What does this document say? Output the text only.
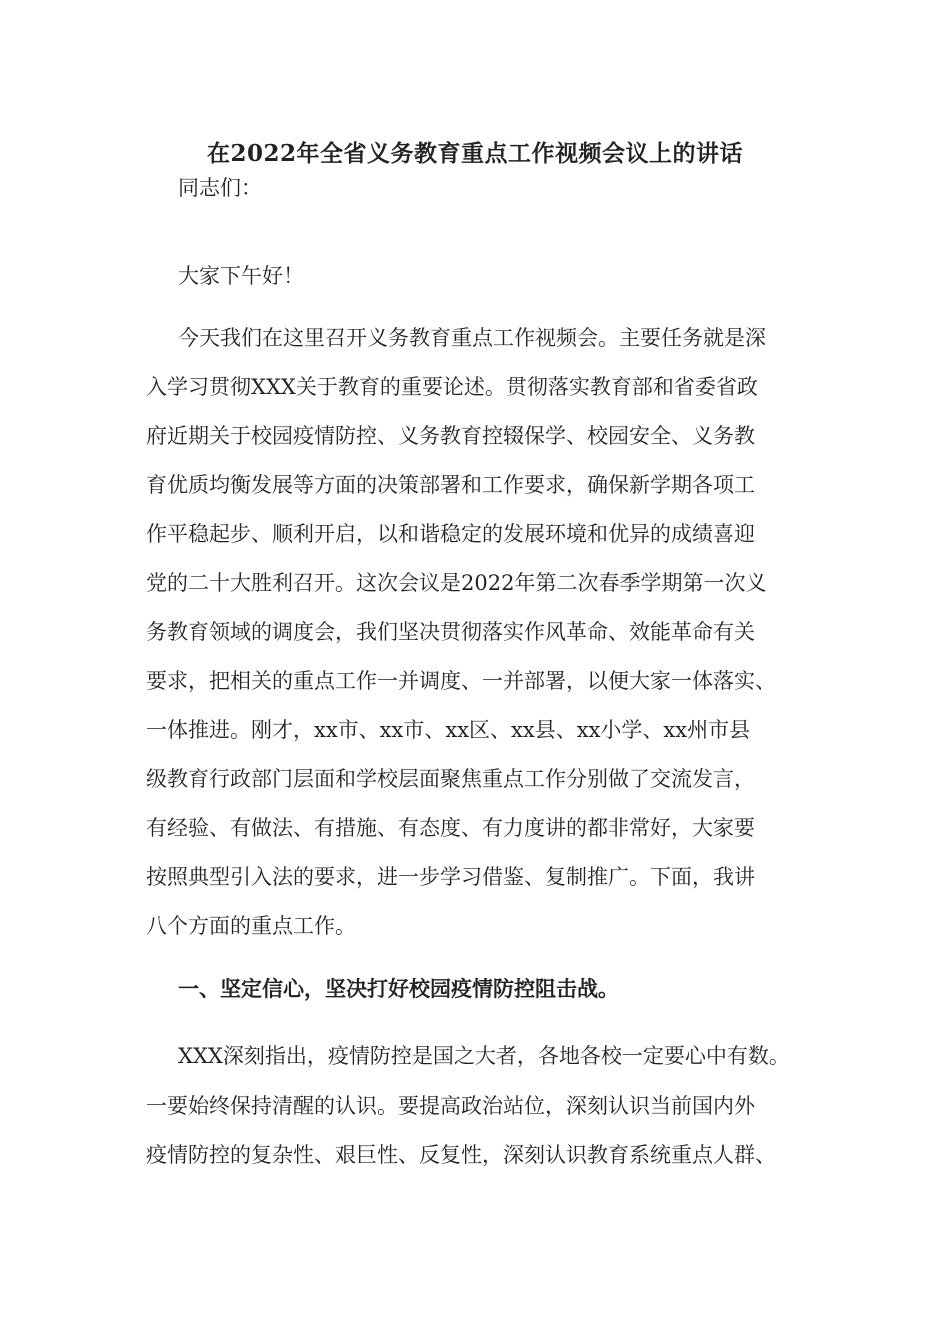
在2022年全省义务教育重点工作视频会议上的讲话

同志们：

大家下午好！

今天我们在这里召开义务教育重点工作视频会。主要任务就是深

入学习贯彻XXX关于教育的重要论述。贯彻落实教育部和省委省政

府近期关于校园疫情防控、义务教育控辍保学、校园安全、义务教

育优质均衡发展等方面的决策部署和工作要求，确保新学期各项工

作平稳起步、顺利开启，以和谐稳定的发展环境和优异的成绩喜迎

党的二十大胜利召开。这次会议是2022年第二次春季学期第一次义

务教育领域的调度会，我们坚决贯彻落实作风革命、效能革命有关

要求，把相关的重点工作一并调度、一并部署，以便大家一体落实、

一体推进。刚才，xx市、xx市、xx区、xx县、xx小学、xx州市县

级教育行政部门层面和学校层面聚焦重点工作分别做了交流发言，

有经验、有做法、有措施、有态度、有力度讲的都非常好，大家要

按照典型引入法的要求，进一步学习借鉴、复制推广。下面，我讲

八个方面的重点工作。

一、坚定信心，坚决打好校园疫情防控阻击战。

XXX深刻指出，疫情防控是国之大者，各地各校一定要心中有数。

一要始终保持清醒的认识。要提高政治站位，深刻认识当前国内外

疫情防控的复杂性、艰巨性、反复性，深刻认识教育系统重点人群、
